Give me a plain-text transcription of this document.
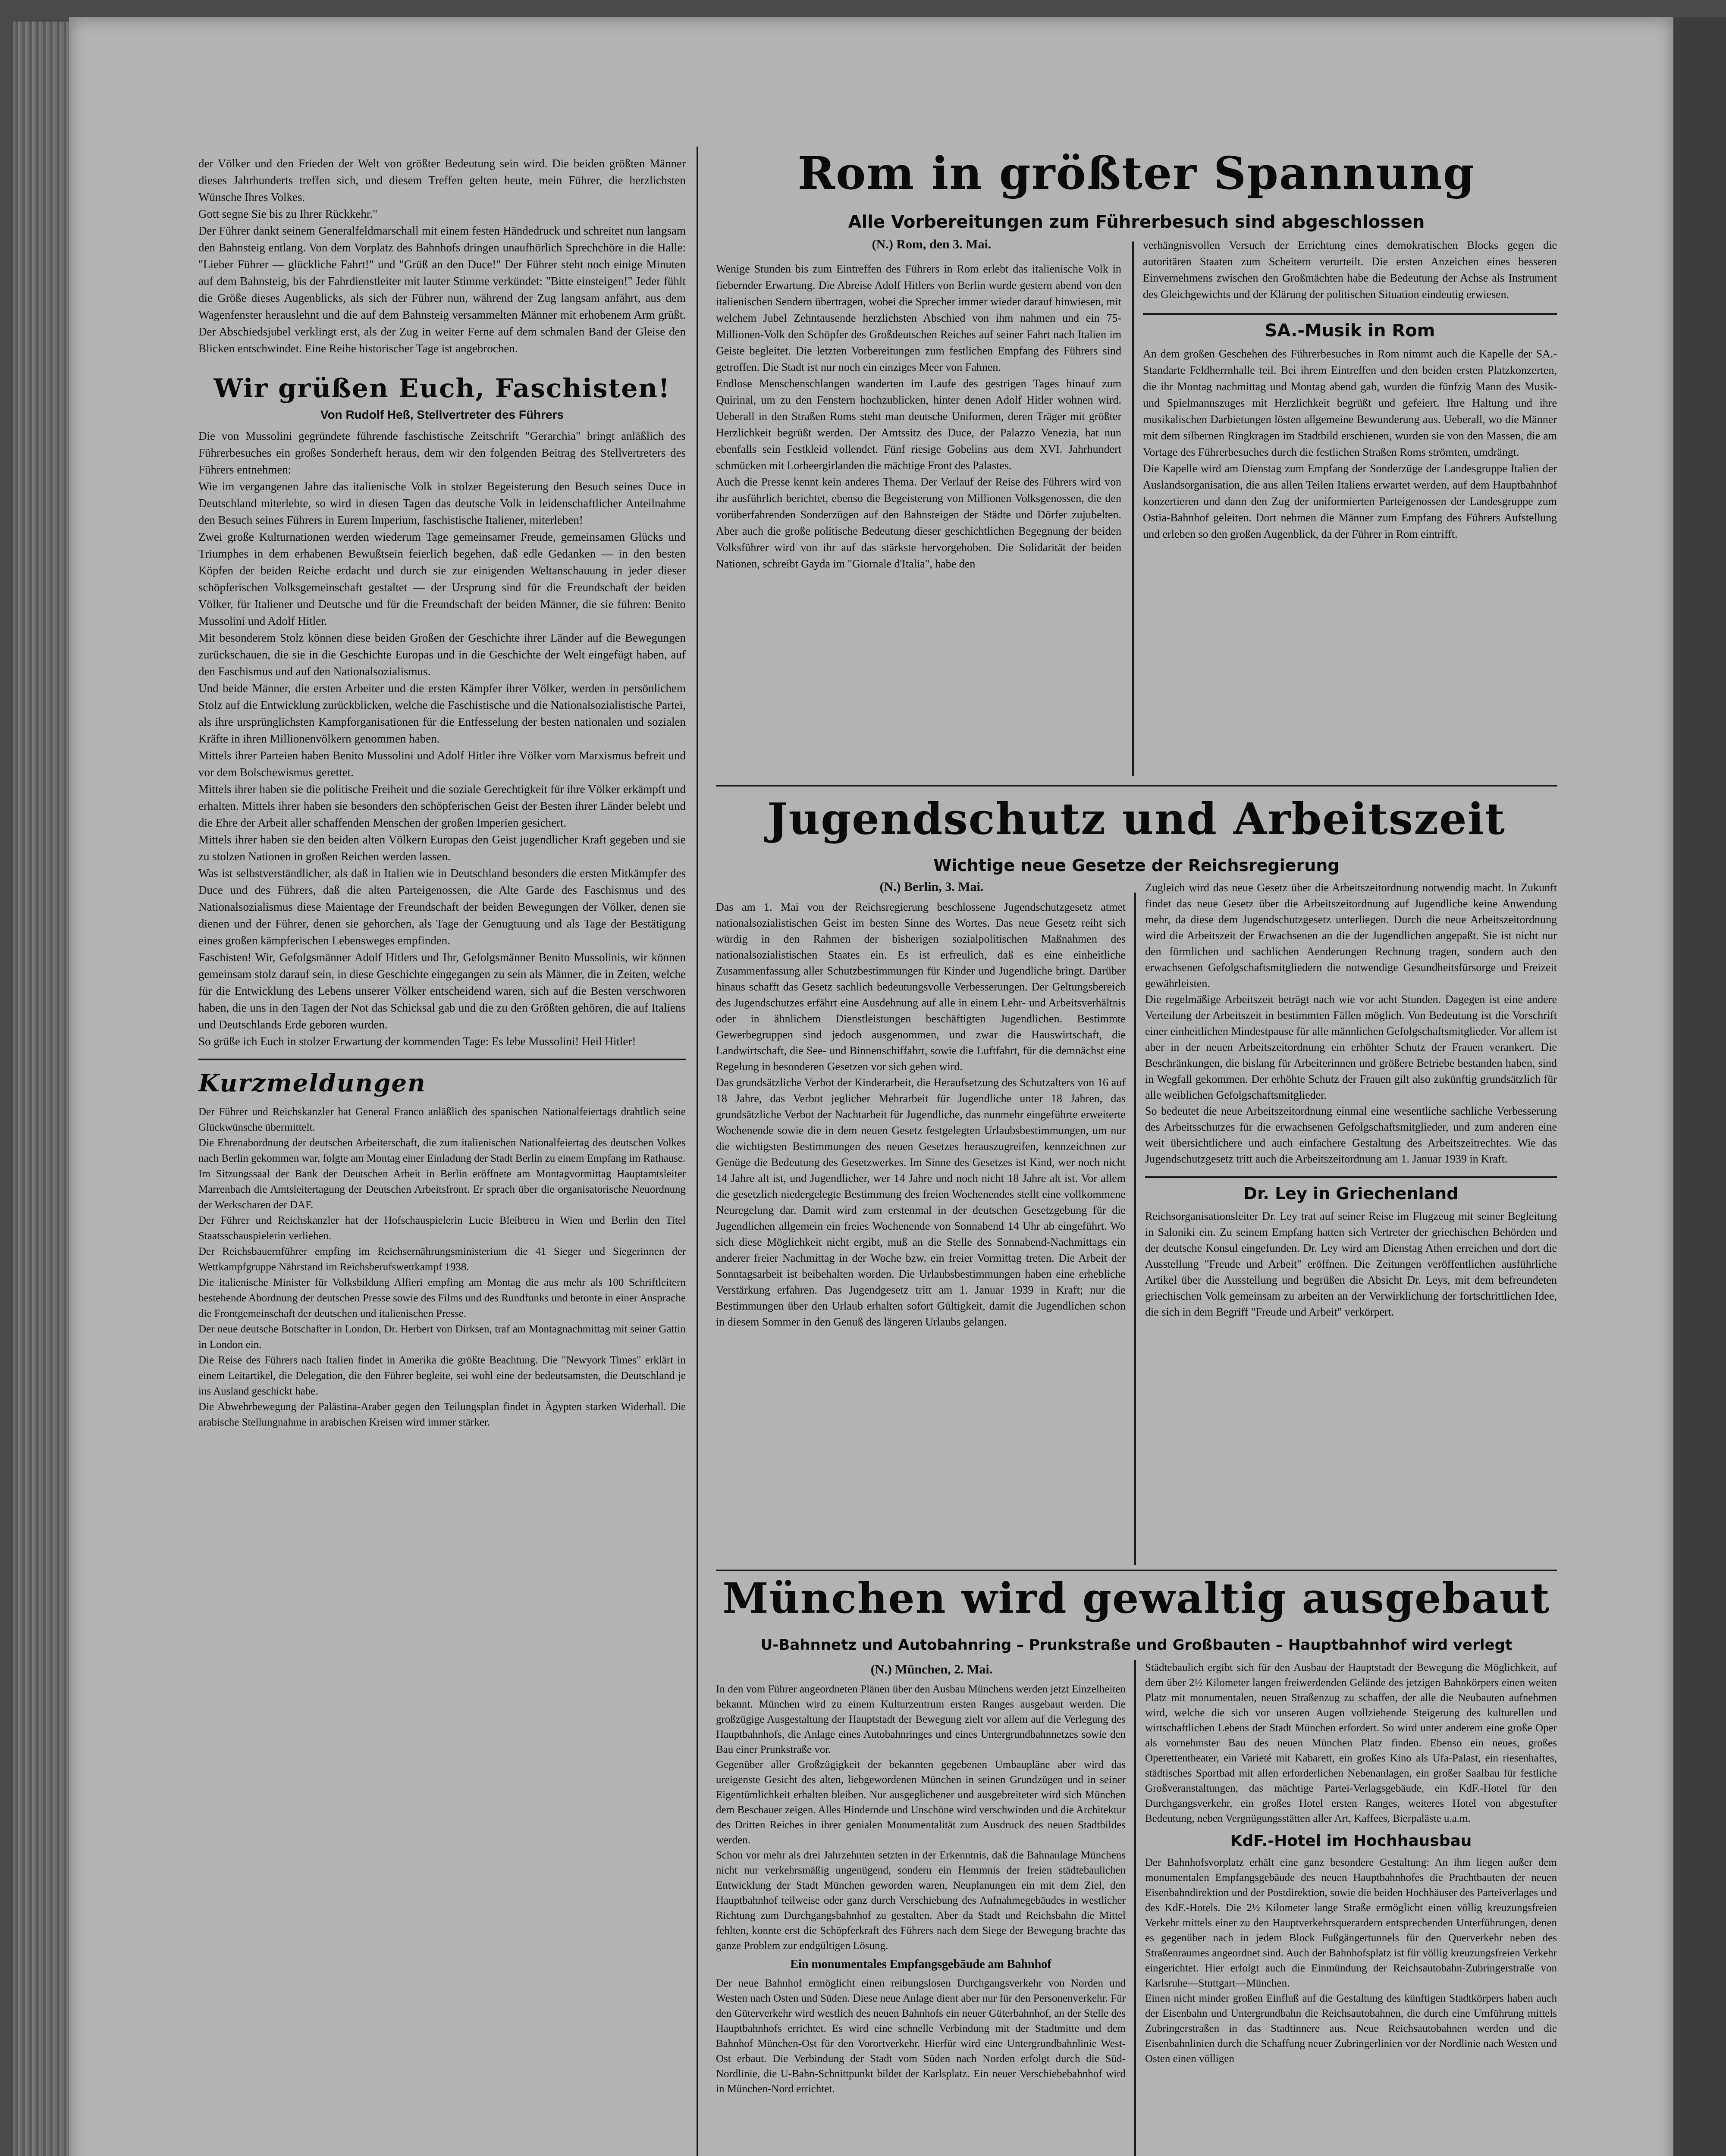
der Völker und den Frieden der Welt von größter Bedeutung sein wird. Die beiden größten Männer dieses Jahrhunderts treffen sich, und diesem Treffen gelten heute, mein Führer, die herzlichsten Wünsche Ihres Volkes.
Gott segne Sie bis zu Ihrer Rückkehr."
Der Führer dankt seinem Generalfeldmarschall mit einem festen Händedruck und schreitet nun langsam den Bahnsteig entlang. Von dem Vorplatz des Bahnhofs dringen unaufhörlich Sprechchöre in die Halle: "Lieber Führer — glückliche Fahrt!" und "Grüß an den Duce!" Der Führer steht noch einige Minuten auf dem Bahnsteig, bis der Fahrdienstleiter mit lauter Stimme verkündet: "Bitte einsteigen!" Jeder fühlt die Größe dieses Augenblicks, als sich der Führer nun, während der Zug langsam anfährt, aus dem Wagenfenster herauslehnt und die auf dem Bahnsteig versammelten Männer mit erhobenem Arm grüßt. Der Abschiedsjubel verklingt erst, als der Zug in weiter Ferne auf dem schmalen Band der Gleise den Blicken entschwindet. Eine Reihe historischer Tage ist angebrochen.

Wir grüßen Euch, Faschisten!
Von Rudolf Heß, Stellvertreter des Führers

Die von Mussolini gegründete führende faschistische Zeitschrift "Gerarchia" bringt anläßlich des Führerbesuches ein großes Sonderheft heraus, dem wir den folgenden Beitrag des Stellvertreters des Führers entnehmen:
Wie im vergangenen Jahre das italienische Volk in stolzer Begeisterung den Besuch seines Duce in Deutschland miterlebte, so wird in diesen Tagen das deutsche Volk in leidenschaftlicher Anteilnahme den Besuch seines Führers in Eurem Imperium, faschistische Italiener, miterleben!
Zwei große Kulturnationen werden wiederum Tage gemeinsamer Freude, gemeinsamen Glücks und Triumphes in dem erhabenen Bewußtsein feierlich begehen, daß edle Gedanken — in den besten Köpfen der beiden Reiche erdacht und durch sie zur einigenden Weltanschauung in jeder dieser schöpferischen Volksgemeinschaft gestaltet — der Ursprung sind für die Freundschaft der beiden Völker, für Italiener und Deutsche und für die Freundschaft der beiden Männer, die sie führen: Benito Mussolini und Adolf Hitler.
Mit besonderem Stolz können diese beiden Großen der Geschichte ihrer Länder auf die Bewegungen zurückschauen, die sie in die Geschichte Europas und in die Geschichte der Welt eingefügt haben, auf den Faschismus und auf den Nationalsozialismus.
Und beide Männer, die ersten Arbeiter und die ersten Kämpfer ihrer Völker, werden in persönlichem Stolz auf die Entwicklung zurückblicken, welche die Faschistische und die Nationalsozialistische Partei, als ihre ursprünglichsten Kampforganisationen für die Entfesselung der besten nationalen und sozialen Kräfte in ihren Millionenvölkern genommen haben.
Mittels ihrer Parteien haben Benito Mussolini und Adolf Hitler ihre Völker vom Marxismus befreit und vor dem Bolschewismus gerettet.
Mittels ihrer haben sie die politische Freiheit und die soziale Gerechtigkeit für ihre Völker erkämpft und erhalten. Mittels ihrer haben sie besonders den schöpferischen Geist der Besten ihrer Länder belebt und die Ehre der Arbeit aller schaffenden Menschen der großen Imperien gesichert.
Mittels ihrer haben sie den beiden alten Völkern Europas den Geist jugendlicher Kraft gegeben und sie zu stolzen Nationen in großen Reichen werden lassen.
Was ist selbstverständlicher, als daß in Italien wie in Deutschland besonders die ersten Mitkämpfer des Duce und des Führers, daß die alten Parteigenossen, die Alte Garde des Faschismus und des Nationalsozialismus diese Maientage der Freundschaft der beiden Bewegungen der Völker, denen sie dienen und der Führer, denen sie gehorchen, als Tage der Genugtuung und als Tage der Bestätigung eines großen kämpferischen Lebensweges empfinden.
Faschisten! Wir, Gefolgsmänner Adolf Hitlers und Ihr, Gefolgsmänner Benito Mussolinis, wir können gemeinsam stolz darauf sein, in diese Geschichte eingegangen zu sein als Männer, die in Zeiten, welche für die Entwicklung des Lebens unserer Völker entscheidend waren, sich auf die Besten verschworen haben, die uns in den Tagen der Not das Schicksal gab und die zu den Größten gehören, die auf Italiens und Deutschlands Erde geboren wurden.
So grüße ich Euch in stolzer Erwartung der kommenden Tage: Es lebe Mussolini! Heil Hitler!

Kurzmeldungen

Der Führer und Reichskanzler hat General Franco anläßlich des spanischen Nationalfeiertags drahtlich seine Glückwünsche übermittelt.
Die Ehrenabordnung der deutschen Arbeiterschaft, die zum italienischen Nationalfeiertag des deutschen Volkes nach Berlin gekommen war, folgte am Montag einer Einladung der Stadt Berlin zu einem Empfang im Rathause.
Im Sitzungssaal der Bank der Deutschen Arbeit in Berlin eröffnete am Montagvormittag Hauptamtsleiter Marrenbach die Amtsleitertagung der Deutschen Arbeitsfront. Er sprach über die organisatorische Neuordnung der Werkscharen der DAF.
Der Führer und Reichskanzler hat der Hofschauspielerin Lucie Bleibtreu in Wien und Berlin den Titel Staatsschauspielerin verliehen.
Der Reichsbauernführer empfing im Reichsernährungsministerium die 41 Sieger und Siegerinnen der Wettkampfgruppe Nährstand im Reichsberufswettkampf 1938.
Die italienische Minister für Volksbildung Alfieri empfing am Montag die aus mehr als 100 Schriftleitern bestehende Abordnung der deutschen Presse sowie des Films und des Rundfunks und betonte in einer Ansprache die Frontgemeinschaft der deutschen und italienischen Presse.
Der neue deutsche Botschafter in London, Dr. Herbert von Dirksen, traf am Montagnachmittag mit seiner Gattin in London ein.
Die Reise des Führers nach Italien findet in Amerika die größte Beachtung. Die "Newyork Times" erklärt in einem Leitartikel, die Delegation, die den Führer begleite, sei wohl eine der bedeutsamsten, die Deutschland je ins Ausland geschickt habe.
Die Abwehrbewegung der Palästina-Araber gegen den Teilungsplan findet in Ägypten starken Widerhall. Die arabische Stellungnahme in arabischen Kreisen wird immer stärker.

Rom in größter Spannung
Alle Vorbereitungen zum Führerbesuch sind abgeschlossen
(N.) Rom, den 3. Mai.

Wenige Stunden bis zum Eintreffen des Führers in Rom erlebt das italienische Volk in fiebernder Erwartung. Die Abreise Adolf Hitlers von Berlin wurde gestern abend von den italienischen Sendern übertragen, wobei die Sprecher immer wieder darauf hinwiesen, mit welchem Jubel Zehntausende herzlichsten Abschied von ihm nahmen und ein 75-Millionen-Volk den Schöpfer des Großdeutschen Reiches auf seiner Fahrt nach Italien im Geiste begleitet. Die letzten Vorbereitungen zum festlichen Empfang des Führers sind getroffen. Die Stadt ist nur noch ein einziges Meer von Fahnen.
Endlose Menschenschlangen wanderten im Laufe des gestrigen Tages hinauf zum Quirinal, um zu den Fenstern hochzublicken, hinter denen Adolf Hitler wohnen wird. Ueberall in den Straßen Roms steht man deutsche Uniformen, deren Träger mit größter Herzlichkeit begrüßt werden. Der Amtssitz des Duce, der Palazzo Venezia, hat nun ebenfalls sein Festkleid vollendet. Fünf riesige Gobelins aus dem XVI. Jahrhundert schmücken mit Lorbeergirlanden die mächtige Front des Palastes.
Auch die Presse kennt kein anderes Thema. Der Verlauf der Reise des Führers wird von ihr ausführlich berichtet, ebenso die Begeisterung von Millionen Volksgenossen, die den vorüberfahrenden Sonderzügen auf den Bahnsteigen der Städte und Dörfer zujubelten. Aber auch die große politische Bedeutung dieser geschichtlichen Begegnung der beiden Volksführer wird von ihr auf das stärkste hervorgehoben. Die Solidarität der beiden Nationen, schreibt Gayda im "Giornale d'Italia", habe den

verhängnisvollen Versuch der Errichtung eines demokratischen Blocks gegen die autoritären Staaten zum Scheitern verurteilt. Die ersten Anzeichen eines besseren Einvernehmens zwischen den Großmächten habe die Bedeutung der Achse als Instrument des Gleichgewichts und der Klärung der politischen Situation eindeutig erwiesen.

SA.-Musik in Rom

An dem großen Geschehen des Führerbesuches in Rom nimmt auch die Kapelle der SA.-Standarte Feldherrnhalle teil. Bei ihrem Eintreffen und den beiden ersten Platzkonzerten, die ihr Montag nachmittag und Montag abend gab, wurden die fünfzig Mann des Musik- und Spielmannszuges mit Herzlichkeit begrüßt und gefeiert. Ihre Haltung und ihre musikalischen Darbietungen lösten allgemeine Bewunderung aus. Ueberall, wo die Männer mit dem silbernen Ringkragen im Stadtbild erschienen, wurden sie von den Massen, die am Vortage des Führerbesuches durch die festlichen Straßen Roms strömten, umdrängt.
Die Kapelle wird am Dienstag zum Empfang der Sonderzüge der Landesgruppe Italien der Auslandsorganisation, die aus allen Teilen Italiens erwartet werden, auf dem Hauptbahnhof konzertieren und dann den Zug der uniformierten Parteigenossen der Landesgruppe zum Ostia-Bahnhof geleiten. Dort nehmen die Männer zum Empfang des Führers Aufstellung und erleben so den großen Augenblick, da der Führer in Rom eintrifft.

Jugendschutz und Arbeitszeit
Wichtige neue Gesetze der Reichsregierung
(N.) Berlin, 3. Mai.

Das am 1. Mai von der Reichsregierung beschlossene Jugendschutzgesetz atmet nationalsozialistischen Geist im besten Sinne des Wortes. Das neue Gesetz reiht sich würdig in den Rahmen der bisherigen sozialpolitischen Maßnahmen des nationalsozialistischen Staates ein. Es ist erfreulich, daß es eine einheitliche Zusammenfassung aller Schutzbestimmungen für Kinder und Jugendliche bringt. Darüber hinaus schafft das Gesetz sachlich bedeutungsvolle Verbesserungen. Der Geltungsbereich des Jugendschutzes erfährt eine Ausdehnung auf alle in einem Lehr- und Arbeitsverhältnis oder in ähnlichem Dienstleistungen beschäftigten Jugendlichen. Bestimmte Gewerbegruppen sind jedoch ausgenommen, und zwar die Hauswirtschaft, die Landwirtschaft, die See- und Binnenschiffahrt, sowie die Luftfahrt, für die demnächst eine Regelung in besonderen Gesetzen vor sich gehen wird.
Das grundsätzliche Verbot der Kinderarbeit, die Heraufsetzung des Schutzalters von 16 auf 18 Jahre, das Verbot jeglicher Mehrarbeit für Jugendliche unter 18 Jahren, das grundsätzliche Verbot der Nachtarbeit für Jugendliche, das nunmehr eingeführte erweiterte Wochenende sowie die in dem neuen Gesetz festgelegten Urlaubsbestimmungen, um nur die wichtigsten Bestimmungen des neuen Gesetzes herauszugreifen, kennzeichnen zur Genüge die Bedeutung des Gesetzwerkes. Im Sinne des Gesetzes ist Kind, wer noch nicht 14 Jahre alt ist, und Jugendlicher, wer 14 Jahre und noch nicht 18 Jahre alt ist. Vor allem die gesetzlich niedergelegte Bestimmung des freien Wochenendes stellt eine vollkommene Neuregelung dar. Damit wird zum erstenmal in der deutschen Gesetzgebung für die Jugendlichen allgemein ein freies Wochenende von Sonnabend 14 Uhr ab eingeführt. Wo sich diese Möglichkeit nicht ergibt, muß an die Stelle des Sonnabend-Nachmittags ein anderer freier Nachmittag in der Woche bzw. ein freier Vormittag treten. Die Arbeit der Sonntagsarbeit ist beibehalten worden. Die Urlaubsbestimmungen haben eine erhebliche Verstärkung erfahren. Das Jugendgesetz tritt am 1. Januar 1939 in Kraft; nur die Bestimmungen über den Urlaub erhalten sofort Gültigkeit, damit die Jugendlichen schon in diesem Sommer in den Genuß des längeren Urlaubs gelangen.

Zugleich wird das neue Gesetz über die Arbeitszeitordnung notwendig macht. In Zukunft findet das neue Gesetz über die Arbeitszeitordnung auf Jugendliche keine Anwendung mehr, da diese dem Jugendschutzgesetz unterliegen. Durch die neue Arbeitszeitordnung wird die Arbeitszeit der Erwachsenen an die der Jugendlichen angepaßt. Sie ist nicht nur den förmlichen und sachlichen Aenderungen Rechnung tragen, sondern auch den erwachsenen Gefolgschaftsmitgliedern die notwendige Gesundheitsfürsorge und Freizeit gewährleisten.
Die regelmäßige Arbeitszeit beträgt nach wie vor acht Stunden. Dagegen ist eine andere Verteilung der Arbeitszeit in bestimmten Fällen möglich. Von Bedeutung ist die Vorschrift einer einheitlichen Mindestpause für alle männlichen Gefolgschaftsmitglieder. Vor allem ist aber in der neuen Arbeitszeitordnung ein erhöhter Schutz der Frauen verankert. Die Beschränkungen, die bislang für Arbeiterinnen und größere Betriebe bestanden haben, sind in Wegfall gekommen. Der erhöhte Schutz der Frauen gilt also zukünftig grundsätzlich für alle weiblichen Gefolgschaftsmitglieder.
So bedeutet die neue Arbeitszeitordnung einmal eine wesentliche sachliche Verbesserung des Arbeitsschutzes für die erwachsenen Gefolgschaftsmitglieder, und zum anderen eine weit übersichtlichere und auch einfachere Gestaltung des Arbeitszeitrechtes. Wie das Jugendschutzgesetz tritt auch die Arbeitszeitordnung am 1. Januar 1939 in Kraft.

Dr. Ley in Griechenland

Reichsorganisationsleiter Dr. Ley trat auf seiner Reise im Flugzeug mit seiner Begleitung in Saloniki ein. Zu seinem Empfang hatten sich Vertreter der griechischen Behörden und der deutsche Konsul eingefunden. Dr. Ley wird am Dienstag Athen erreichen und dort die Ausstellung "Freude und Arbeit" eröffnen. Die Zeitungen veröffentlichen ausführliche Artikel über die Ausstellung und begrüßen die Absicht Dr. Leys, mit dem befreundeten griechischen Volk gemeinsam zu arbeiten an der Verwirklichung der fortschrittlichen Idee, die sich in dem Begriff "Freude und Arbeit" verkörpert.

München wird gewaltig ausgebaut
U-Bahnnetz und Autobahnring – Prunkstraße und Großbauten – Hauptbahnhof wird verlegt
(N.) München, 2. Mai.

In den vom Führer angeordneten Plänen über den Ausbau Münchens werden jetzt Einzelheiten bekannt. München wird zu einem Kulturzentrum ersten Ranges ausgebaut werden. Die großzügige Ausgestaltung der Hauptstadt der Bewegung zielt vor allem auf die Verlegung des Hauptbahnhofs, die Anlage eines Autobahnringes und eines Untergrundbahnnetzes sowie den Bau einer Prunkstraße vor.
Gegenüber aller Großzügigkeit der bekannten gegebenen Umbaupläne aber wird das ureigenste Gesicht des alten, liebgewordenen München in seinen Grundzügen und in seiner Eigentümlichkeit erhalten bleiben. Nur ausgeglichener und ausgebreiteter wird sich München dem Beschauer zeigen. Alles Hindernde und Unschöne wird verschwinden und die Architektur des Dritten Reiches in ihrer genialen Monumentalität zum Ausdruck des neuen Stadtbildes werden.
Schon vor mehr als drei Jahrzehnten setzten in der Erkenntnis, daß die Bahnanlage Münchens nicht nur verkehrsmäßig ungenügend, sondern ein Hemmnis der freien städtebaulichen Entwicklung der Stadt München geworden waren, Neuplanungen ein mit dem Ziel, den Hauptbahnhof teilweise oder ganz durch Verschiebung des Aufnahmegebäudes in westlicher Richtung zum Durchgangsbahnhof zu gestalten. Aber da Stadt und Reichsbahn die Mittel fehlten, konnte erst die Schöpferkraft des Führers nach dem Siege der Bewegung brachte das ganze Problem zur endgültigen Lösung.

Ein monumentales Empfangsgebäude am Bahnhof

Der neue Bahnhof ermöglicht einen reibungslosen Durchgangsverkehr von Norden und Westen nach Osten und Süden. Diese neue Anlage dient aber nur für den Personenverkehr. Für den Güterverkehr wird westlich des neuen Bahnhofs ein neuer Güterbahnhof, an der Stelle des Hauptbahnhofs errichtet. Es wird eine schnelle Verbindung mit der Stadtmitte und dem Bahnhof München-Ost für den Vorortverkehr. Hierfür wird eine Untergrundbahnlinie West-Ost erbaut. Die Verbindung der Stadt vom Süden nach Norden erfolgt durch die Süd-Nordlinie, die U-Bahn-Schnittpunkt bildet der Karlsplatz. Ein neuer Verschiebebahnhof wird in München-Nord errichtet.

Städtebaulich ergibt sich für den Ausbau der Hauptstadt der Bewegung die Möglichkeit, auf dem über 2½ Kilometer langen freiwerdenden Gelände des jetzigen Bahnkörpers einen weiten Platz mit monumentalen, neuen Straßenzug zu schaffen, der alle die Neubauten aufnehmen wird, welche die sich vor unseren Augen vollziehende Steigerung des kulturellen und wirtschaftlichen Lebens der Stadt München erfordert. So wird unter anderem eine große Oper als vornehmster Bau des neuen München Platz finden. Ebenso ein neues, großes Operettentheater, ein Varieté mit Kabarett, ein großes Kino als Ufa-Palast, ein riesenhaftes, städtisches Sportbad mit allen erforderlichen Nebenanlagen, ein großer Saalbau für festliche Großveranstaltungen, das mächtige Partei-Verlagsgebäude, ein KdF.-Hotel für den Durchgangsverkehr, ein großes Hotel ersten Ranges, weiteres Hotel von abgestufter Bedeutung, neben Vergnügungsstätten aller Art, Kaffees, Bierpaläste u.a.m.

KdF.-Hotel im Hochhausbau

Der Bahnhofsvorplatz erhält eine ganz besondere Gestaltung: An ihm liegen außer dem monumentalen Empfangsgebäude des neuen Hauptbahnhofes die Prachtbauten der neuen Eisenbahndirektion und der Postdirektion, sowie die beiden Hochhäuser des Parteiverlages und des KdF.-Hotels. Die 2½ Kilometer lange Straße ermöglicht einen völlig kreuzungsfreien Verkehr mittels einer zu den Hauptverkehrsquerardern entsprechenden Unterführungen, denen es gegenüber nach in jedem Block Fußgängertunnels für den Querverkehr neben des Straßenraumes angeordnet sind. Auch der Bahnhofsplatz ist für völlig kreuzungsfreien Verkehr eingerichtet. Hier erfolgt auch die Einmündung der Reichsautobahn-Zubringerstraße von Karlsruhe—Stuttgart—München.
Einen nicht minder großen Einfluß auf die Gestaltung des künftigen Stadtkörpers haben auch der Eisenbahn und Untergrundbahn die Reichsautobahnen, die durch eine Umführung mittels Zubringerstraßen in das Stadtinnere aus. Neue Reichsautobahnen werden und die Eisenbahnlinien durch die Schaffung neuer Zubringerlinien vor der Nordlinie nach Westen und Osten einen völligen
